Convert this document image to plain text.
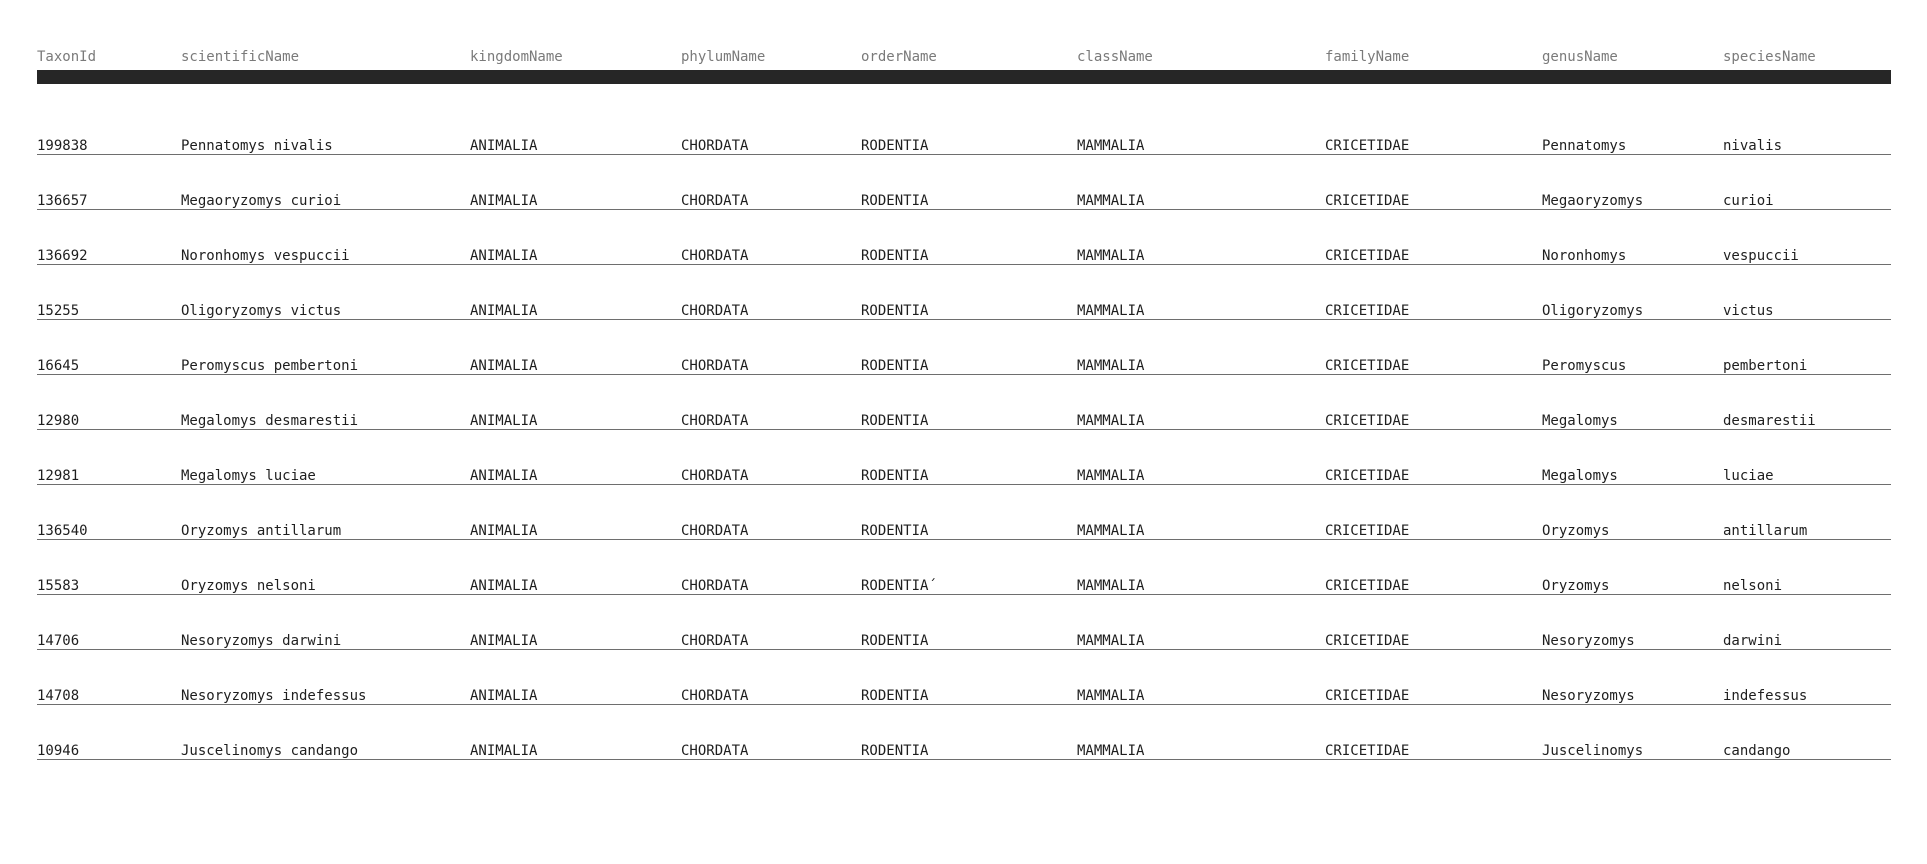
TaxonId	scientificName	kingdomName	phylumName	orderName	className	familyName	genusName	speciesName
199838	Pennatomys nivalis	ANIMALIA	CHORDATA	RODENTIA	MAMMALIA	CRICETIDAE	Pennatomys	nivalis
136657	Megaoryzomys curioi	ANIMALIA	CHORDATA	RODENTIA	MAMMALIA	CRICETIDAE	Megaoryzomys	curioi
136692	Noronhomys vespuccii	ANIMALIA	CHORDATA	RODENTIA	MAMMALIA	CRICETIDAE	Noronhomys	vespuccii
15255	Oligoryzomys victus	ANIMALIA	CHORDATA	RODENTIA	MAMMALIA	CRICETIDAE	Oligoryzomys	victus
16645	Peromyscus pembertoni	ANIMALIA	CHORDATA	RODENTIA	MAMMALIA	CRICETIDAE	Peromyscus	pembertoni
12980	Megalomys desmarestii	ANIMALIA	CHORDATA	RODENTIA	MAMMALIA	CRICETIDAE	Megalomys	desmarestii
12981	Megalomys luciae	ANIMALIA	CHORDATA	RODENTIA	MAMMALIA	CRICETIDAE	Megalomys	luciae
136540	Oryzomys antillarum	ANIMALIA	CHORDATA	RODENTIA	MAMMALIA	CRICETIDAE	Oryzomys	antillarum
15583	Oryzomys nelsoni	ANIMALIA	CHORDATA	RODENTIA´	MAMMALIA	CRICETIDAE	Oryzomys	nelsoni
14706	Nesoryzomys darwini	ANIMALIA	CHORDATA	RODENTIA	MAMMALIA	CRICETIDAE	Nesoryzomys	darwini
14708	Nesoryzomys indefessus	ANIMALIA	CHORDATA	RODENTIA	MAMMALIA	CRICETIDAE	Nesoryzomys	indefessus
10946	Juscelinomys candango	ANIMALIA	CHORDATA	RODENTIA	MAMMALIA	CRICETIDAE	Juscelinomys	candango
